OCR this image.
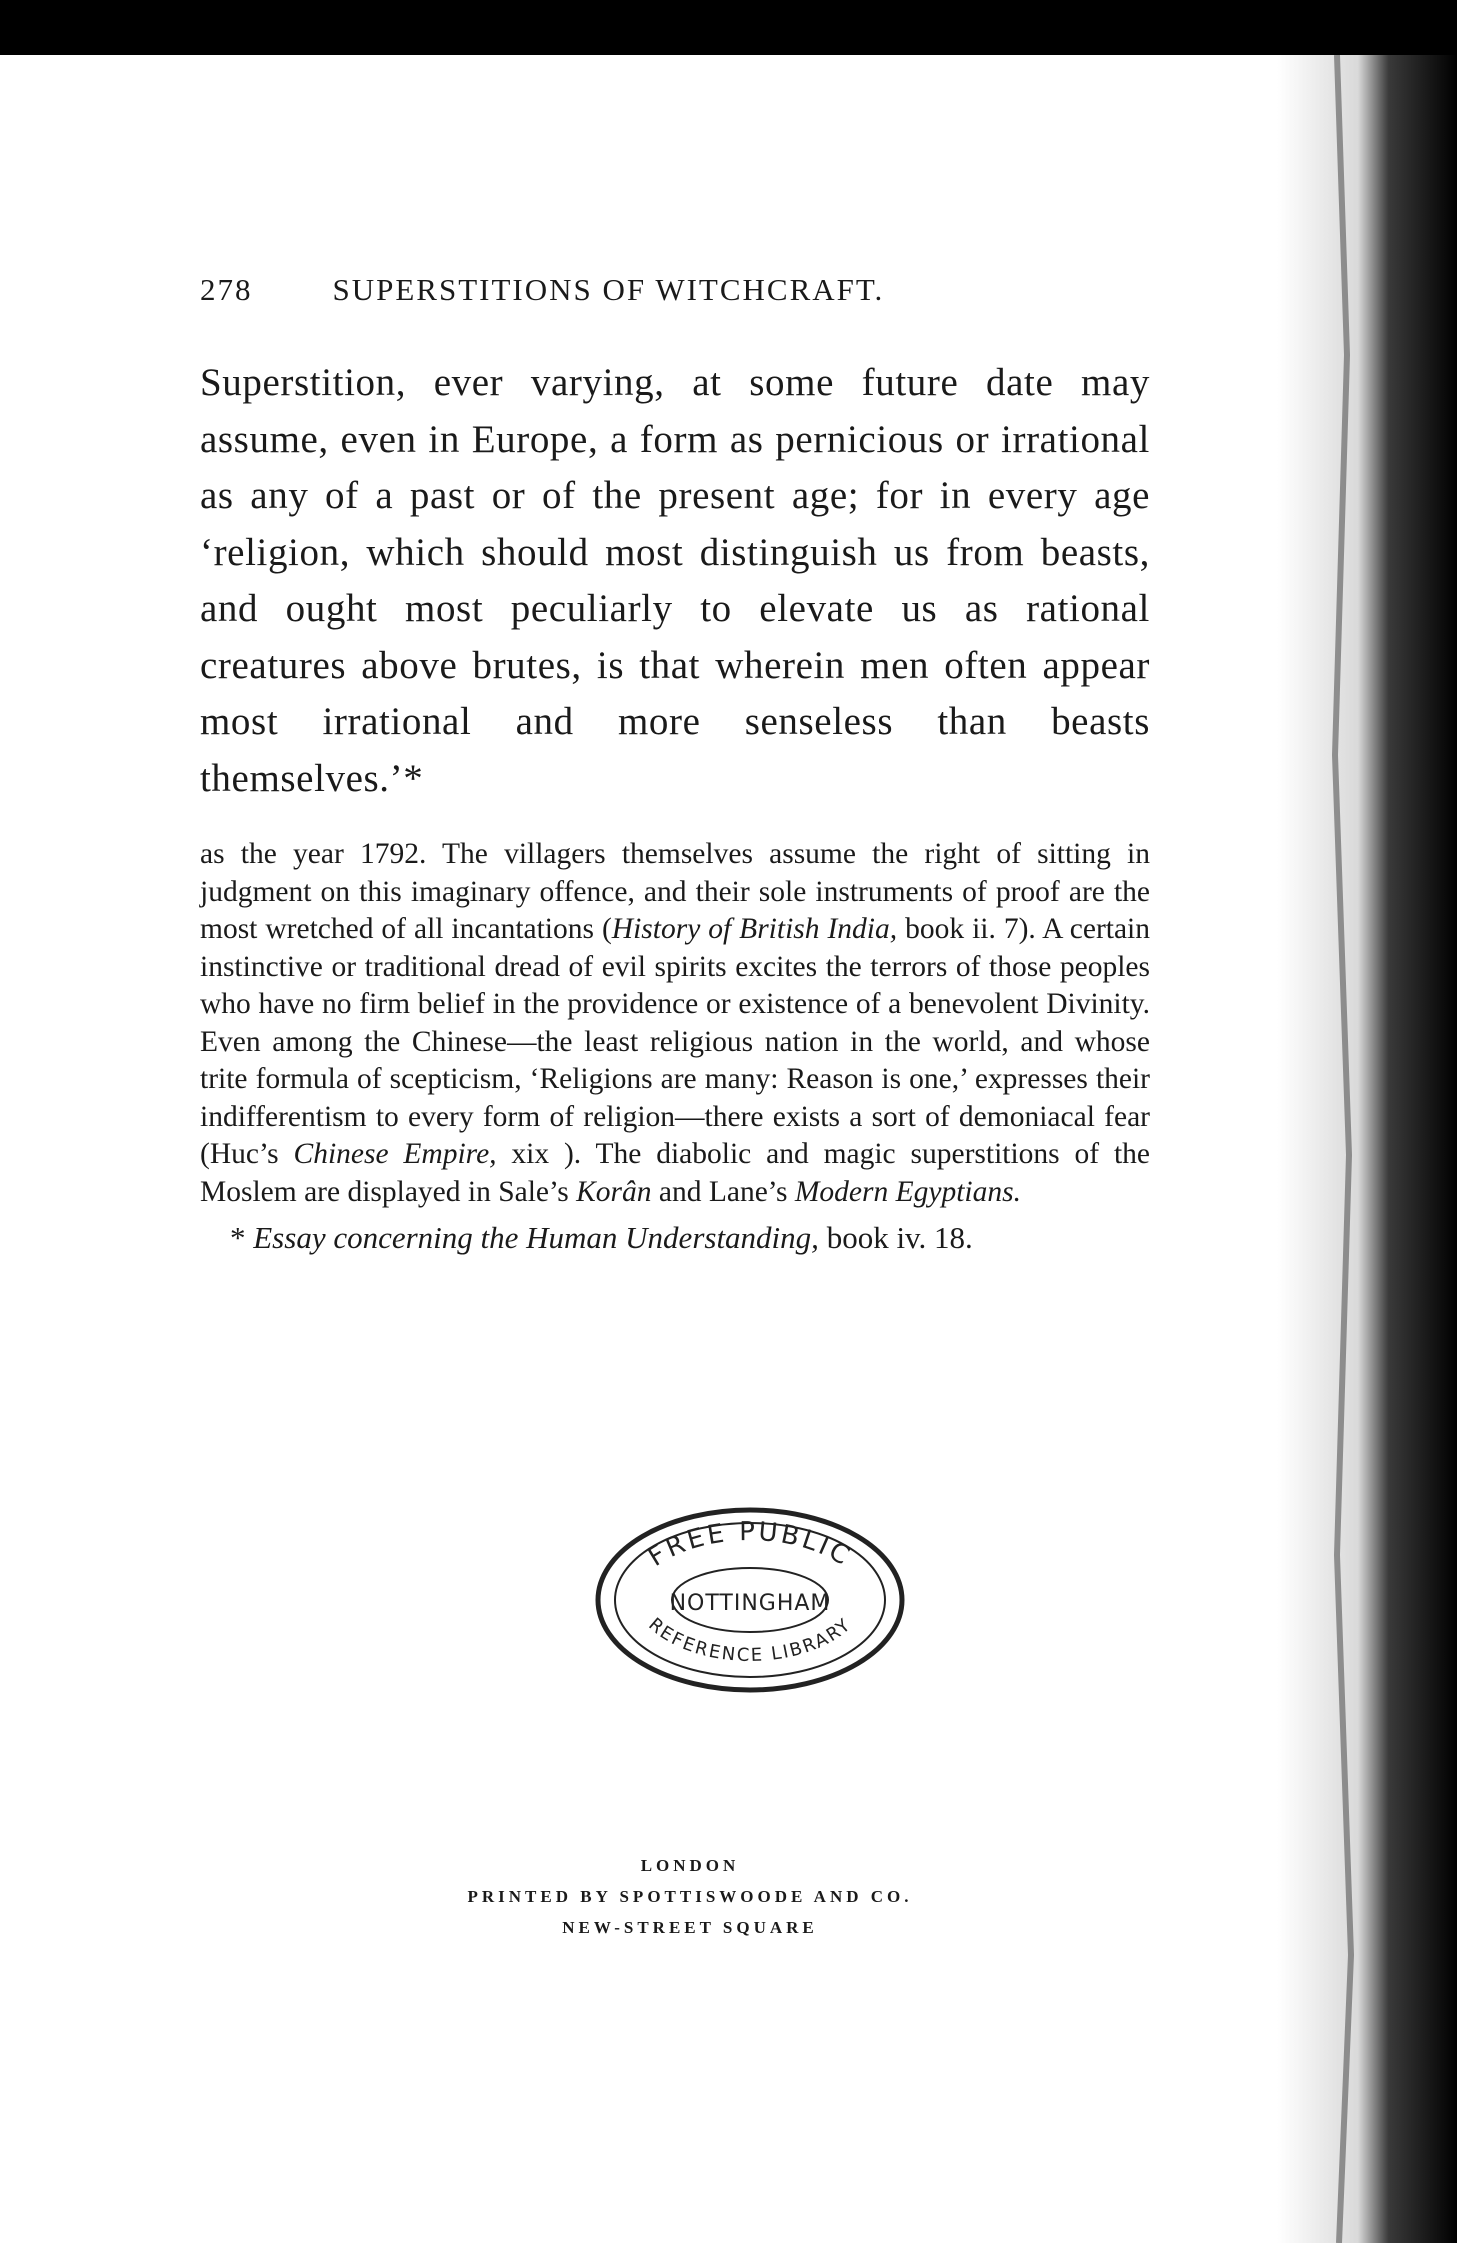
278	SUPERSTITIONS OF WITCHCRAFT.
Superstition, ever varying, at some future date may assume, even in Europe, a form as pernicious or irrational as any of a past or of the present age; for in every age ‘religion, which should most distinguish us from beasts, and ought most peculiarly to elevate us as rational creatures above brutes, is that wherein men often appear most irrational and more senseless than beasts themselves.’*

as the year 1792. The villagers themselves assume the right of sitting in judgment on this imaginary offence, and their sole instruments of proof are the most wretched of all incantations (History of British India, book ii. 7). A certain instinctive or traditional dread of evil spirits excites the terrors of those peoples who have no firm belief in the providence or existence of a benevolent Divinity. Even among the Chinese—the least religious nation in the world, and whose trite formula of scepticism, ‘Religions are many: Reason is one,’ expresses their indifferentism to every form of religion—there exists a sort of demoniacal fear (Huc’s Chinese Empire, xix ). The diabolic and magic superstitions of the Moslem are displayed in Sale’s Korân and Lane’s Modern Egyptians.

* Essay concerning the Human Understanding, book iv. 18.

FREE PUBLIC
NOTTINGHAM
REFERENCE LIBRARY
LONDON
PRINTED BY SPOTTISWOODE AND CO.
NEW-STREET SQUARE
